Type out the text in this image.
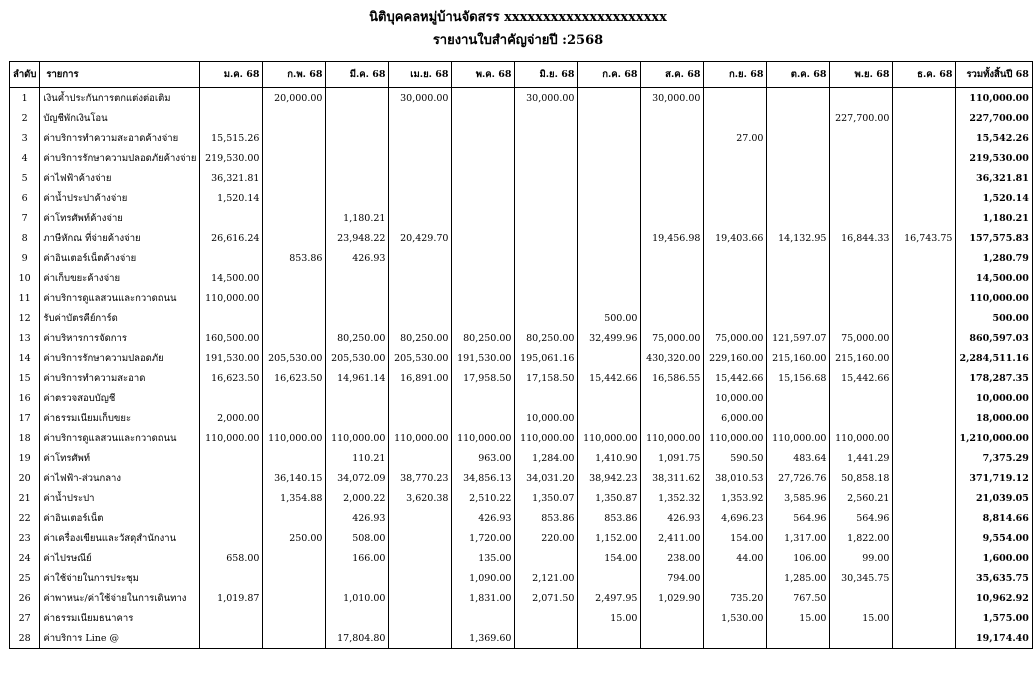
นิติบุคคลหมู่บ้านจัดสรร xxxxxxxxxxxxxxxxxxxxx
รายงานใบสำคัญจ่ายปี :2568
ลำดับ	รายการ	ม.ค. 68	ก.พ. 68	มี.ค. 68	เม.ย. 68	พ.ค. 68	มิ.ย. 68	ก.ค. 68	ส.ค. 68	ก.ย. 68	ต.ค. 68	พ.ย. 68	ธ.ค. 68	รวมทั้งสิ้นปี 68
1	เงินค้ำประกันการตกแต่งต่อเติม		20,000.00		30,000.00		30,000.00		30,000.00					110,000.00
2	บัญชีพักเงินโอน											227,700.00		227,700.00
3	ค่าบริการทำความสะอาดค้างจ่าย	15,515.26								27.00				15,542.26
4	ค่าบริการรักษาความปลอดภัยค้างจ่าย	219,530.00												219,530.00
5	ค่าไฟฟ้าค้างจ่าย	36,321.81												36,321.81
6	ค่าน้ำประปาค้างจ่าย	1,520.14												1,520.14
7	ค่าโทรศัพท์ค้างจ่าย			1,180.21										1,180.21
8	ภาษีหักณ ที่จ่ายค้างจ่าย	26,616.24		23,948.22	20,429.70				19,456.98	19,403.66	14,132.95	16,844.33	16,743.75	157,575.83
9	ค่าอินเตอร์เน็ตค้างจ่าย		853.86	426.93										1,280.79
10	ค่าเก็บขยะค้างจ่าย	14,500.00												14,500.00
11	ค่าบริการดูแลสวนและกวาดถนน	110,000.00												110,000.00
12	รับค่าบัตรคีย์การ์ด							500.00						500.00
13	ค่าบริหารการจัดการ	160,500.00		80,250.00	80,250.00	80,250.00	80,250.00	32,499.96	75,000.00	75,000.00	121,597.07	75,000.00		860,597.03
14	ค่าบริการรักษาความปลอดภัย	191,530.00	205,530.00	205,530.00	205,530.00	191,530.00	195,061.16		430,320.00	229,160.00	215,160.00	215,160.00		2,284,511.16
15	ค่าบริการทำความสะอาด	16,623.50	16,623.50	14,961.14	16,891.00	17,958.50	17,158.50	15,442.66	16,586.55	15,442.66	15,156.68	15,442.66		178,287.35
16	ค่าตรวจสอบบัญชี									10,000.00				10,000.00
17	ค่าธรรมเนียมเก็บขยะ	2,000.00					10,000.00			6,000.00				18,000.00
18	ค่าบริการดูแลสวนและกวาดถนน	110,000.00	110,000.00	110,000.00	110,000.00	110,000.00	110,000.00	110,000.00	110,000.00	110,000.00	110,000.00	110,000.00		1,210,000.00
19	ค่าโทรศัพท์			110.21		963.00	1,284.00	1,410.90	1,091.75	590.50	483.64	1,441.29		7,375.29
20	ค่าไฟฟ้า-ส่วนกลาง		36,140.15	34,072.09	38,770.23	34,856.13	34,031.20	38,942.23	38,311.62	38,010.53	27,726.76	50,858.18		371,719.12
21	ค่าน้ำประปา		1,354.88	2,000.22	3,620.38	2,510.22	1,350.07	1,350.87	1,352.32	1,353.92	3,585.96	2,560.21		21,039.05
22	ค่าอินเตอร์เน็ต			426.93		426.93	853.86	853.86	426.93	4,696.23	564.96	564.96		8,814.66
23	ค่าเครื่องเขียนและวัสดุสำนักงาน		250.00	508.00		1,720.00	220.00	1,152.00	2,411.00	154.00	1,317.00	1,822.00		9,554.00
24	ค่าไปรษณีย์	658.00		166.00		135.00		154.00	238.00	44.00	106.00	99.00		1,600.00
25	ค่าใช้จ่ายในการประชุม					1,090.00	2,121.00		794.00		1,285.00	30,345.75		35,635.75
26	ค่าพาหนะ/ค่าใช้จ่ายในการเดินทาง	1,019.87		1,010.00		1,831.00	2,071.50	2,497.95	1,029.90	735.20	767.50			10,962.92
27	ค่าธรรมเนียมธนาคาร							15.00		1,530.00	15.00	15.00		1,575.00
28	ค่าบริการ Line @			17,804.80		1,369.60								19,174.40
